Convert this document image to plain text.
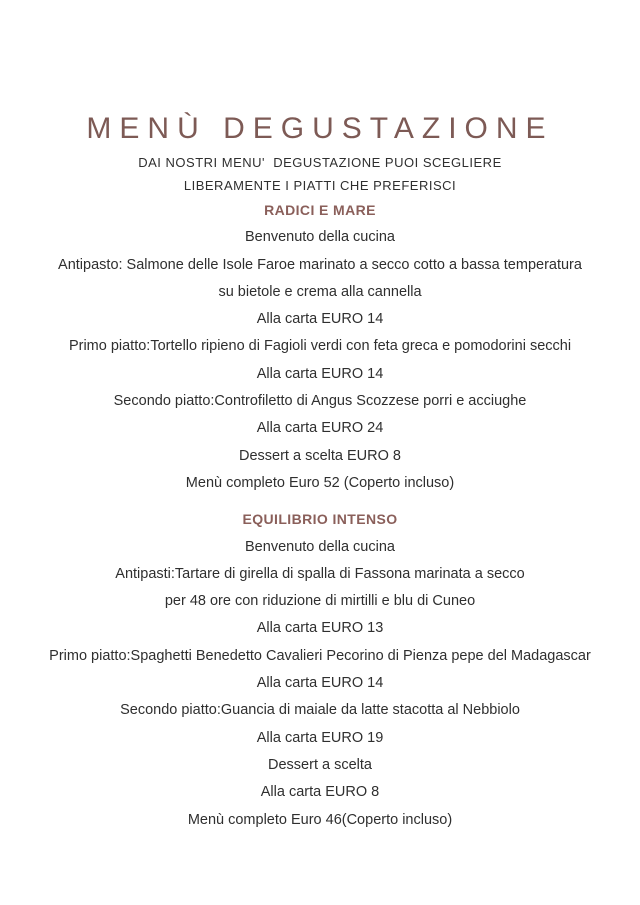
MENÙ DEGUSTAZIONE

DAI NOSTRI MENU'  DEGUSTAZIONE PUOI SCEGLIERE

LIBERAMENTE I PIATTI CHE PREFERISCI

RADICI E MARE

Benvenuto della cucina

Antipasto: Salmone delle Isole Faroe marinato a secco cotto a bassa temperatura

su bietole e crema alla cannella

Alla carta EURO 14

Primo piatto:Tortello ripieno di Fagioli verdi con feta greca e pomodorini secchi

Alla carta EURO 14

Secondo piatto:Controfiletto di Angus Scozzese porri e acciughe

Alla carta EURO 24

Dessert a scelta EURO 8

Menù completo Euro 52 (Coperto incluso)

EQUILIBRIO INTENSO

Benvenuto della cucina

Antipasti:Tartare di girella di spalla di Fassona marinata a secco

per 48 ore con riduzione di mirtilli e blu di Cuneo

Alla carta EURO 13

Primo piatto:Spaghetti Benedetto Cavalieri Pecorino di Pienza pepe del Madagascar

Alla carta EURO 14

Secondo piatto:Guancia di maiale da latte stacotta al Nebbiolo

Alla carta EURO 19

Dessert a scelta

Alla carta EURO 8

Menù completo Euro 46(Coperto incluso)
